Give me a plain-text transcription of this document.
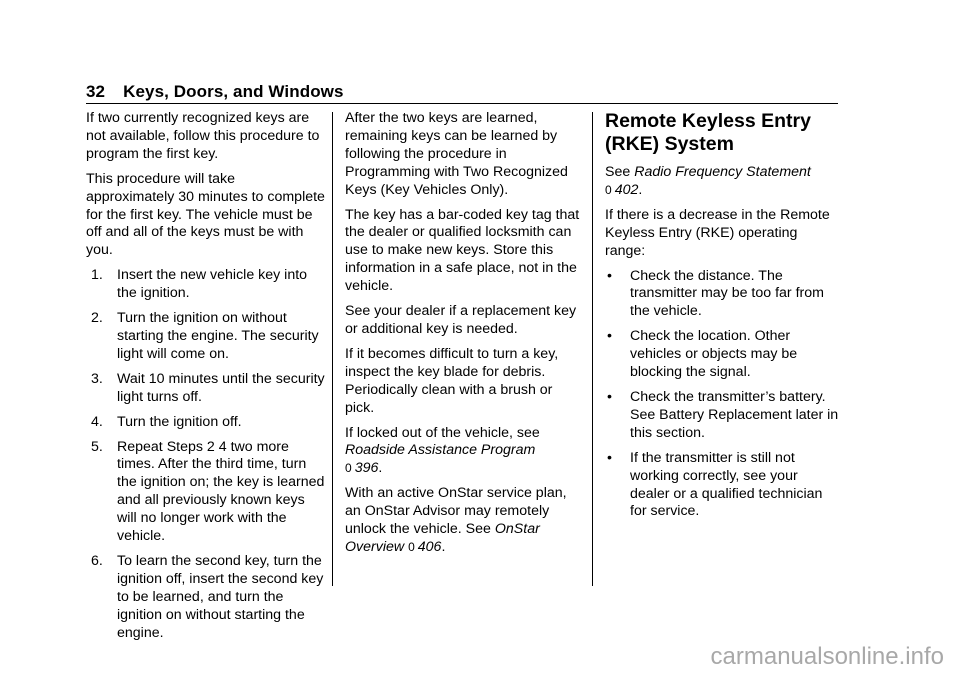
32 Keys, Doors, and Windows

If two currently recognized keys are not available, follow this procedure to program the first key.

This procedure will take approximately 30 minutes to complete for the first key. The vehicle must be off and all of the keys must be with you.

1. Insert the new vehicle key into the ignition.
2. Turn the ignition on without starting the engine. The security light will come on.
3. Wait 10 minutes until the security light turns off.
4. Turn the ignition off.
5. Repeat Steps 2 4 two more times. After the third time, turn the ignition on; the key is learned and all previously known keys will no longer work with the vehicle.
6. To learn the second key, turn the ignition off, insert the second key to be learned, and turn the ignition on without starting the engine.

After the two keys are learned, remaining keys can be learned by following the procedure in Programming with Two Recognized Keys (Key Vehicles Only).

The key has a bar-coded key tag that the dealer or qualified locksmith can use to make new keys. Store this information in a safe place, not in the vehicle.

See your dealer if a replacement key or additional key is needed.

If it becomes difficult to turn a key, inspect the key blade for debris. Periodically clean with a brush or pick.

If locked out of the vehicle, see
Roadside Assistance Program
0 396.

With an active OnStar service plan, an OnStar Advisor may remotely unlock the vehicle. See OnStar Overview 0 406.

Remote Keyless Entry (RKE) System

See Radio Frequency Statement
0 402.

If there is a decrease in the Remote Keyless Entry (RKE) operating range:

• Check the distance. The transmitter may be too far from the vehicle.
• Check the location. Other vehicles or objects may be blocking the signal.
• Check the transmitter’s battery. See Battery Replacement later in this section.
• If the transmitter is still not working correctly, see your dealer or a qualified technician for service.
carmanualsonline.info
